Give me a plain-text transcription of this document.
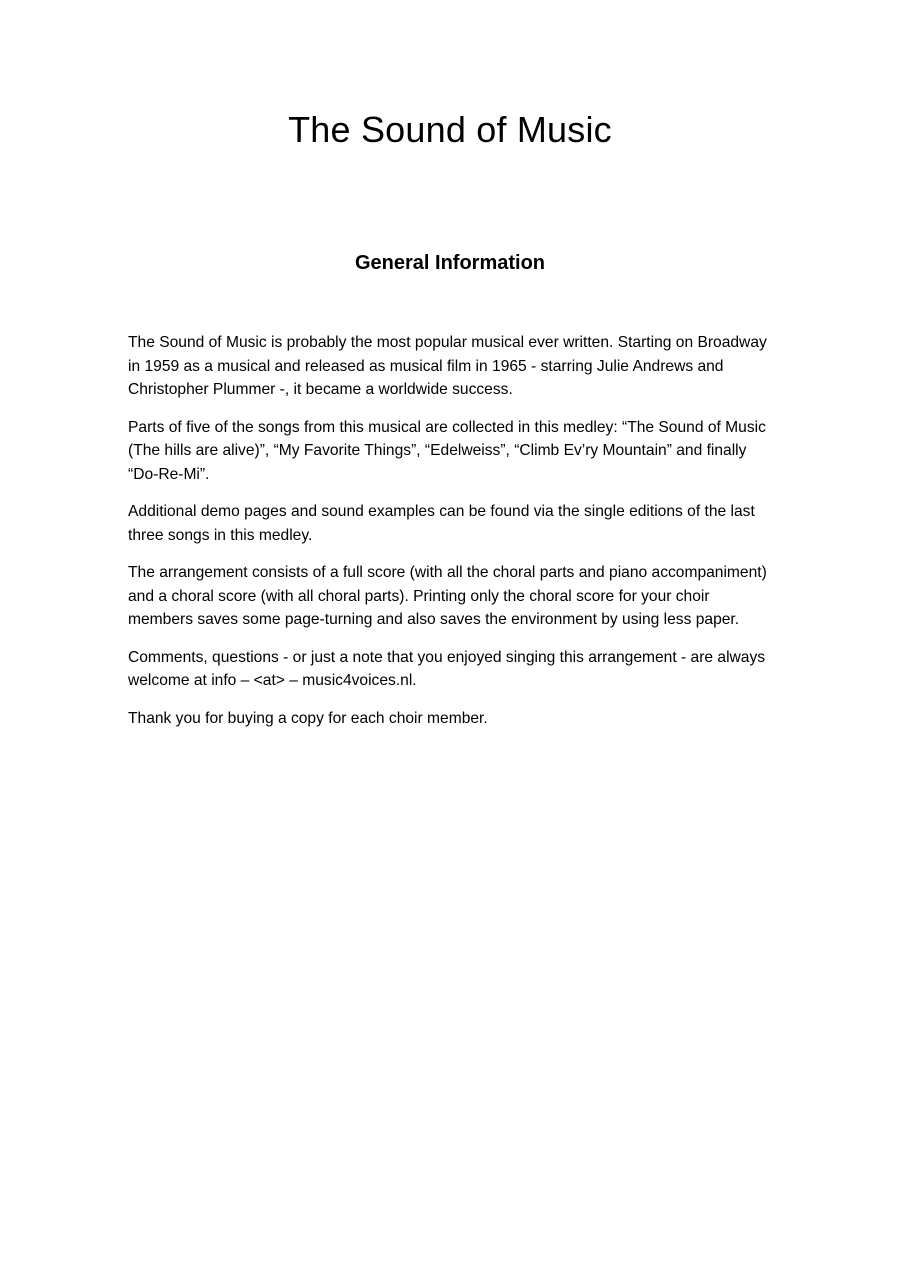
The Sound of Music
General Information

The Sound of Music is probably the most popular musical ever written. Starting on Broadway in 1959 as a musical and released as musical film in 1965 - starring Julie Andrews and Christopher Plummer -, it became a worldwide success.

Parts of five of the songs from this musical are collected in this medley: “The Sound of Music (The hills are alive)”, “My Favorite Things”, “Edelweiss”, “Climb Ev’ry Mountain” and finally “Do-Re-Mi”.

Additional demo pages and sound examples can be found via the single editions of the last three songs in this medley.

The arrangement consists of a full score (with all the choral parts and piano accompaniment) and a choral score (with all choral parts). Printing only the choral score for your choir members saves some page-turning and also saves the environment by using less paper.

Comments, questions - or just a note that you enjoyed singing this arrangement - are always welcome at info – <at> – music4voices.nl.

Thank you for buying a copy for each choir member.
